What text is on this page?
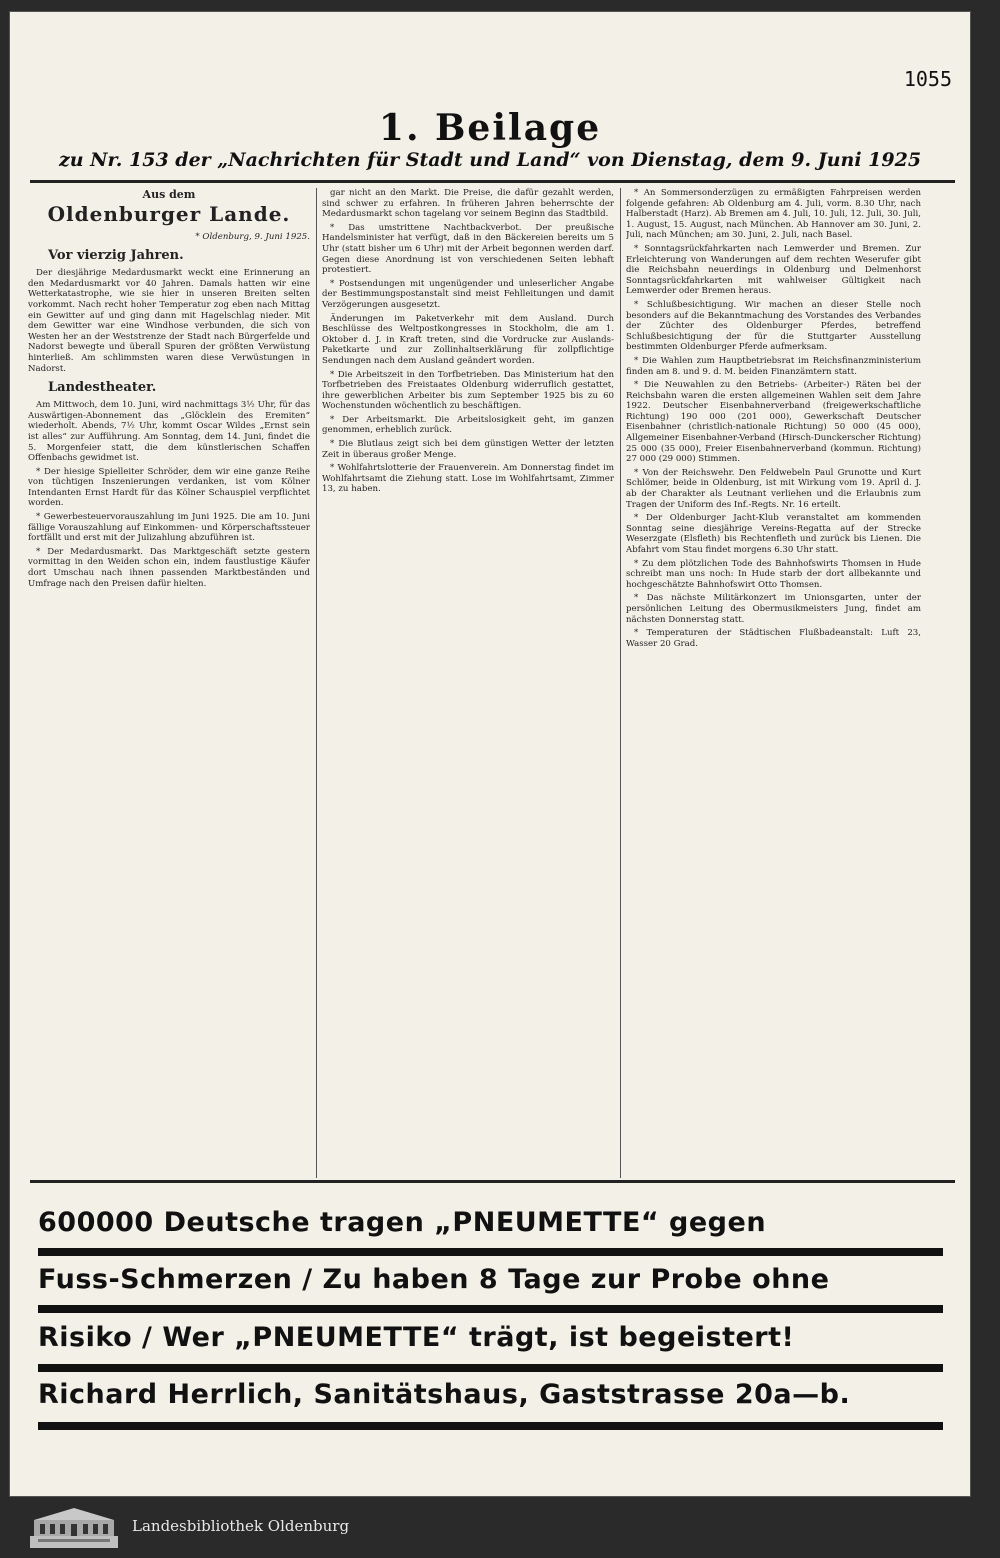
1055
1. Beilage
zu Nr. 153 der „Nachrichten für Stadt und Land“ von Dienstag, dem 9. Juni 1925
Aus dem
Oldenburger Lande.
* Oldenburg, 9. Juni 1925.
Vor vierzig Jahren.

Der diesjährige Medardusmarkt weckt eine Erinnerung an den Medardusmarkt vor 40 Jahren. Damals hatten wir eine Wetterkatastrophe, wie sie hier in unseren Breiten selten vorkommt. Nach recht hoher Temperatur zog eben nach Mittag ein Gewitter auf und ging dann mit Hagelschlag nieder. Mit dem Gewitter war eine Windhose verbunden, die sich von Westen her an der Weststrenze der Stadt nach Bürgerfelde und Nadorst bewegte und überall Spuren der größten Verwüstung hinterließ. Am schlimmsten waren diese Verwüstungen in Nadorst.

Landestheater.

Am Mittwoch, dem 10. Juni, wird nachmittags 3½ Uhr, für das Auswärtigen-Abonnement das „Glöcklein des Eremiten“ wiederholt. Abends, 7½ Uhr, kommt Oscar Wildes „Ernst sein ist alles“ zur Aufführung. Am Sonntag, dem 14. Juni, findet die 5. Morgenfeier statt, die dem künstlerischen Schaffen Offenbachs gewidmet ist.

* Der hiesige Spielleiter Schröder, dem wir eine ganze Reihe von tüchtigen Inszenierungen verdanken, ist vom Kölner Intendanten Ernst Hardt für das Kölner Schauspiel verpflichtet worden.

* Gewerbesteuervorauszahlung im Juni 1925. Die am 10. Juni fällige Vorauszahlung auf Einkommen- und Körperschaftssteuer fortfällt und erst mit der Julizahlung abzuführen ist.

* Der Medardusmarkt. Das Marktgeschäft setzte gestern vormittag in den Weiden schon ein, indem faustlustige Käufer dort Umschau nach ihnen passenden Marktbeständen und Umfrage nach den Preisen dafür hielten.

gar nicht an den Markt. Die Preise, die dafür gezahlt werden, sind schwer zu erfahren. In früheren Jahren beherrschte der Medardusmarkt schon tagelang vor seinem Beginn das Stadtbild.

* Das umstrittene Nachtbackverbot. Der preußische Handelsminister hat verfügt, daß in den Bäckereien bereits um 5 Uhr (statt bisher um 6 Uhr) mit der Arbeit begonnen werden darf. Gegen diese Anordnung ist von verschiedenen Seiten lebhaft protestiert.

* Postsendungen mit ungenügender und unleserlicher Angabe der Bestimmungspostanstalt sind meist Fehlleitungen und damit Verzögerungen ausgesetzt.

Änderungen im Paketverkehr mit dem Ausland. Durch Beschlüsse des Weltpostkongresses in Stockholm, die am 1. Oktober d. J. in Kraft treten, sind die Vordrucke zur Auslands-Paketkarte und zur Zollinhaltserklärung für zollpflichtige Sendungen nach dem Ausland geändert worden.

* Die Arbeitszeit in den Torfbetrieben. Das Ministerium hat den Torfbetrieben des Freistaates Oldenburg widerruflich gestattet, ihre gewerblichen Arbeiter bis zum September 1925 bis zu 60 Wochenstunden wöchentlich zu beschäftigen.

* Der Arbeitsmarkt. Die Arbeitslosigkeit geht, im ganzen genommen, erheblich zurück.

* Die Blutlaus zeigt sich bei dem günstigen Wetter der letzten Zeit in überaus großer Menge.

* Wohlfahrtslotterie der Frauenverein. Am Donnerstag findet im Wohlfahrtsamt die Ziehung statt. Lose im Wohlfahrtsamt, Zimmer 13, zu haben.

* An Sommersonderzügen zu ermäßigten Fahrpreisen werden folgende gefahren: Ab Oldenburg am 4. Juli, vorm. 8.30 Uhr, nach Halberstadt (Harz). Ab Bremen am 4. Juli, 10. Juli, 12. Juli, 30. Juli, 1. August, 15. August, nach München. Ab Hannover am 30. Juni, 2. Juli, nach München; am 30. Juni, 2. Juli, nach Basel.

* Sonntagsrückfahrkarten nach Lemwerder und Bremen. Zur Erleichterung von Wanderungen auf dem rechten Weserufer gibt die Reichsbahn neuerdings in Oldenburg und Delmenhorst Sonntagsrückfahrkarten mit wahlweiser Gültigkeit nach Lemwerder oder Bremen heraus.

* Schlußbesichtigung. Wir machen an dieser Stelle noch besonders auf die Bekanntmachung des Vorstandes des Verbandes der Züchter des Oldenburger Pferdes, betreffend Schlußbesichtigung der für die Stuttgarter Ausstellung bestimmten Oldenburger Pferde aufmerksam.

* Die Wahlen zum Hauptbetriebsrat im Reichsfinanzministerium finden am 8. und 9. d. M. beiden Finanzämtern statt.

* Die Neuwahlen zu den Betriebs- (Arbeiter-) Räten bei der Reichsbahn waren die ersten allgemeinen Wahlen seit dem Jahre 1922. Deutscher Eisenbahnerverband (freigewerkschaftliche Richtung) 190 000 (201 000), Gewerkschaft Deutscher Eisenbahner (christlich-nationale Richtung) 50 000 (45 000), Allgemeiner Eisenbahner-Verband (Hirsch-Dunckerscher Richtung) 25 000 (35 000), Freier Eisenbahnerverband (kommun. Richtung) 27 000 (29 000) Stimmen.

* Von der Reichswehr. Den Feldwebeln Paul Grunotte und Kurt Schlömer, beide in Oldenburg, ist mit Wirkung vom 19. April d. J. ab der Charakter als Leutnant verliehen und die Erlaubnis zum Tragen der Uniform des Inf.-Regts. Nr. 16 erteilt.

* Der Oldenburger Jacht-Klub veranstaltet am kommenden Sonntag seine diesjährige Vereins-Regatta auf der Strecke Weserzgate (Elsfleth) bis Rechtenfleth und zurück bis Lienen. Die Abfahrt vom Stau findet morgens 6.30 Uhr statt.

* Zu dem plötzlichen Tode des Bahnhofswirts Thomsen in Hude schreibt man uns noch: In Hude starb der dort allbekannte und hochgeschätzte Bahnhofswirt Otto Thomsen.

* Das nächste Militärkonzert im Unionsgarten, unter der persönlichen Leitung des Obermusikmeisters Jung, findet am nächsten Donnerstag statt.

* Temperaturen der Städtischen Flußbadeanstalt: Luft 23, Wasser 20 Grad.

600000 Deutsche tragen „PNEUMETTE“ gegen
Fuss-Schmerzen / Zu haben 8 Tage zur Probe ohne
Risiko / Wer „PNEUMETTE“ trägt, ist begeistert!
Richard Herrlich, Sanitätshaus, Gaststrasse 20a—b.
Landesbibliothek Oldenburg
